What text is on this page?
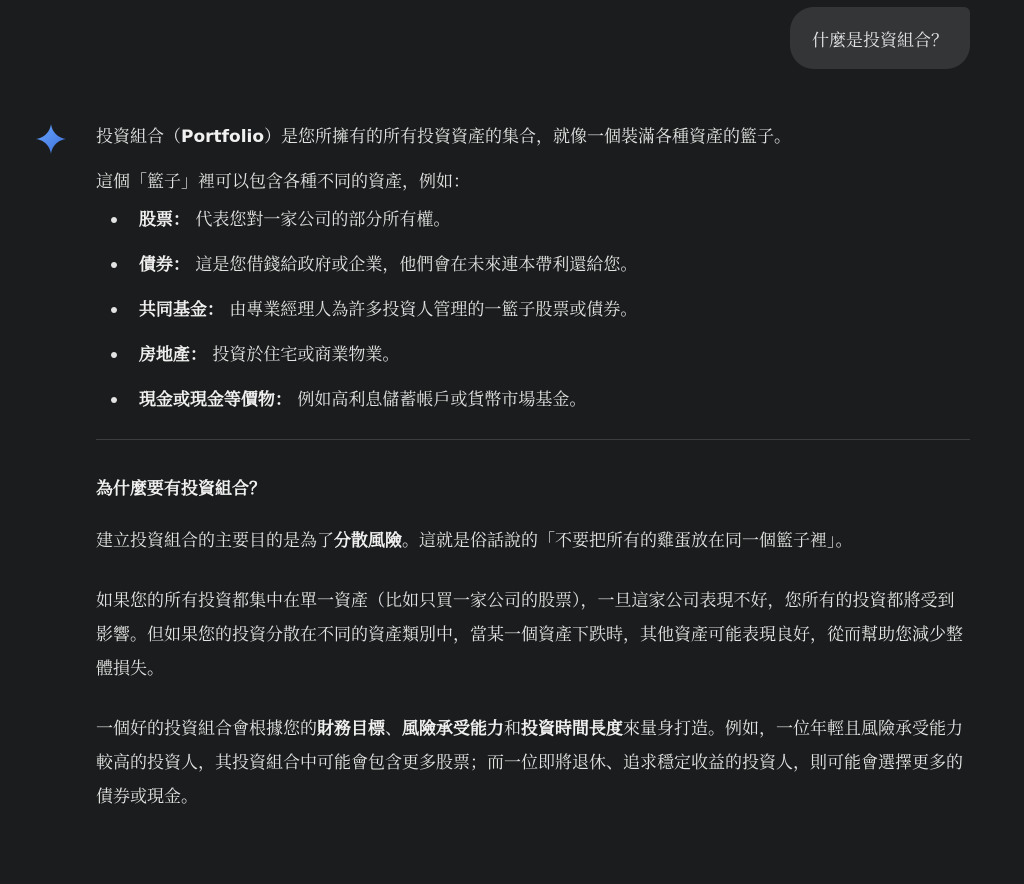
什麼是投資組合？

投資組合（Portfolio）是您所擁有的所有投資資產的集合，就像一個裝滿各種資產的籃子。

這個「籃子」裡可以包含各種不同的資產，例如：

股票： 代表您對一家公司的部分所有權。
債券： 這是您借錢給政府或企業，他們會在未來連本帶利還給您。
共同基金： 由專業經理人為許多投資人管理的一籃子股票或債券。
房地產： 投資於住宅或商業物業。
現金或現金等價物： 例如高利息儲蓄帳戶或貨幣市場基金。

為什麼要有投資組合？

建立投資組合的主要目的是為了分散風險。這就是俗話說的「不要把所有的雞蛋放在同一個籃子裡」。

如果您的所有投資都集中在單一資產（比如只買一家公司的股票），一旦這家公司表現不好，您所有的投資都將受到影響。但如果您的投資分散在不同的資產類別中，當某一個資產下跌時，其他資產可能表現良好，從而幫助您減少整體損失。

一個好的投資組合會根據您的財務目標、風險承受能力和投資時間長度來量身打造。例如，一位年輕且風險承受能力較高的投資人，其投資組合中可能會包含更多股票；而一位即將退休、追求穩定收益的投資人，則可能會選擇更多的債券或現金。
